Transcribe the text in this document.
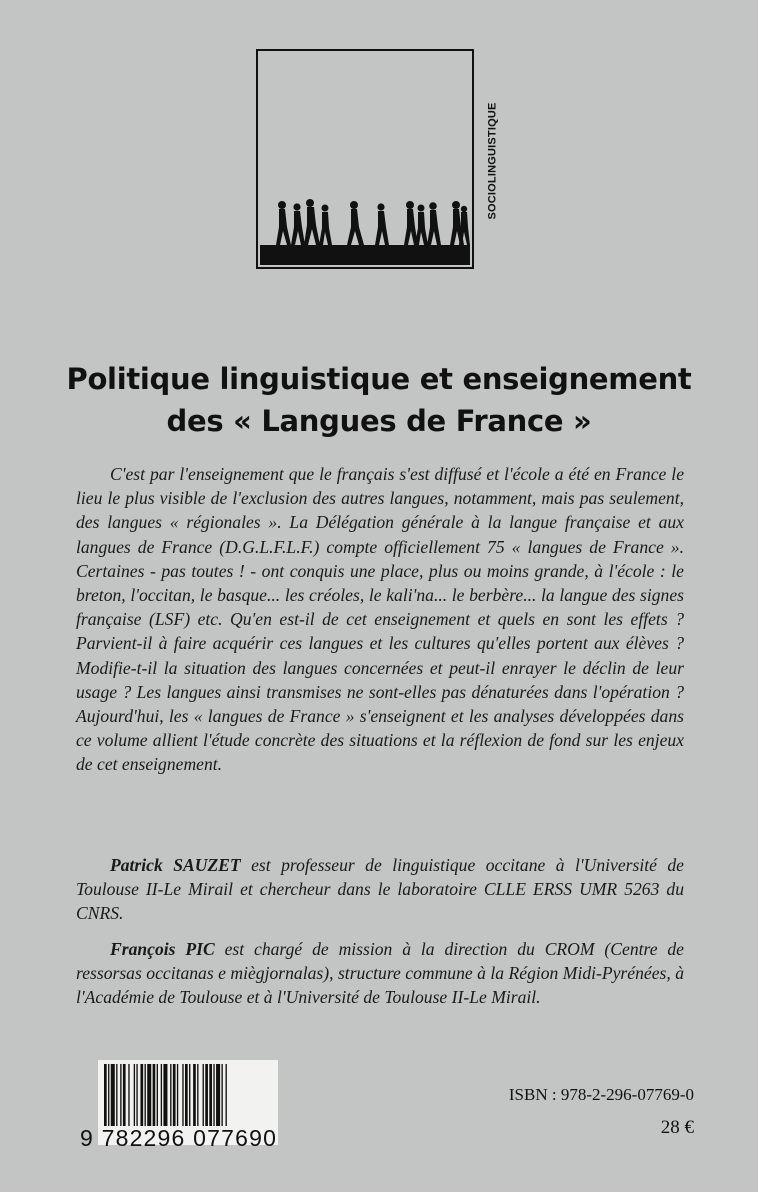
SOCIOLINGUISTIQUE
Politique linguistique et enseignement
des « Langues de France »

C'est par l'enseignement que le français s'est diffusé et l'école a été en France le lieu le plus visible de l'exclusion des autres langues, notamment, mais pas seulement, des langues « régionales ». La Délégation générale à la langue française et aux langues de France (D.G.L.F.L.F.) compte officiellement 75 « langues de France ». Certaines - pas toutes ! - ont conquis une place, plus ou moins grande, à l'école : le breton, l'occitan, le basque... les créoles, le kali'na... le berbère... la langue des signes française (LSF) etc. Qu'en est-il de cet enseignement et quels en sont les effets ? Parvient-il à faire acquérir ces langues et les cultures qu'elles portent aux élèves ? Modifie-t-il la situation des langues concernées et peut-il enrayer le déclin de leur usage ? Les langues ainsi transmises ne sont-elles pas dénaturées dans l'opération ? Aujourd'hui, les « langues de France » s'enseignent et les analyses développées dans ce volume allient l'étude concrète des situations et la réflexion de fond sur les enjeux de cet enseignement.

Patrick SAUZET est professeur de linguistique occitane à l'Université de Toulouse II-Le Mirail et chercheur dans le laboratoire CLLE ERSS UMR 5263 du CNRS.

François PIC est chargé de mission à la direction du CROM (Centre de ressorsas occitanas e miègjornalas), structure commune à la Région Midi-Pyrénées, à l'Académie de Toulouse et à l'Université de Toulouse II-Le Mirail.

9 782296 077690
ISBN : 978-2-296-07769-0
28 €
